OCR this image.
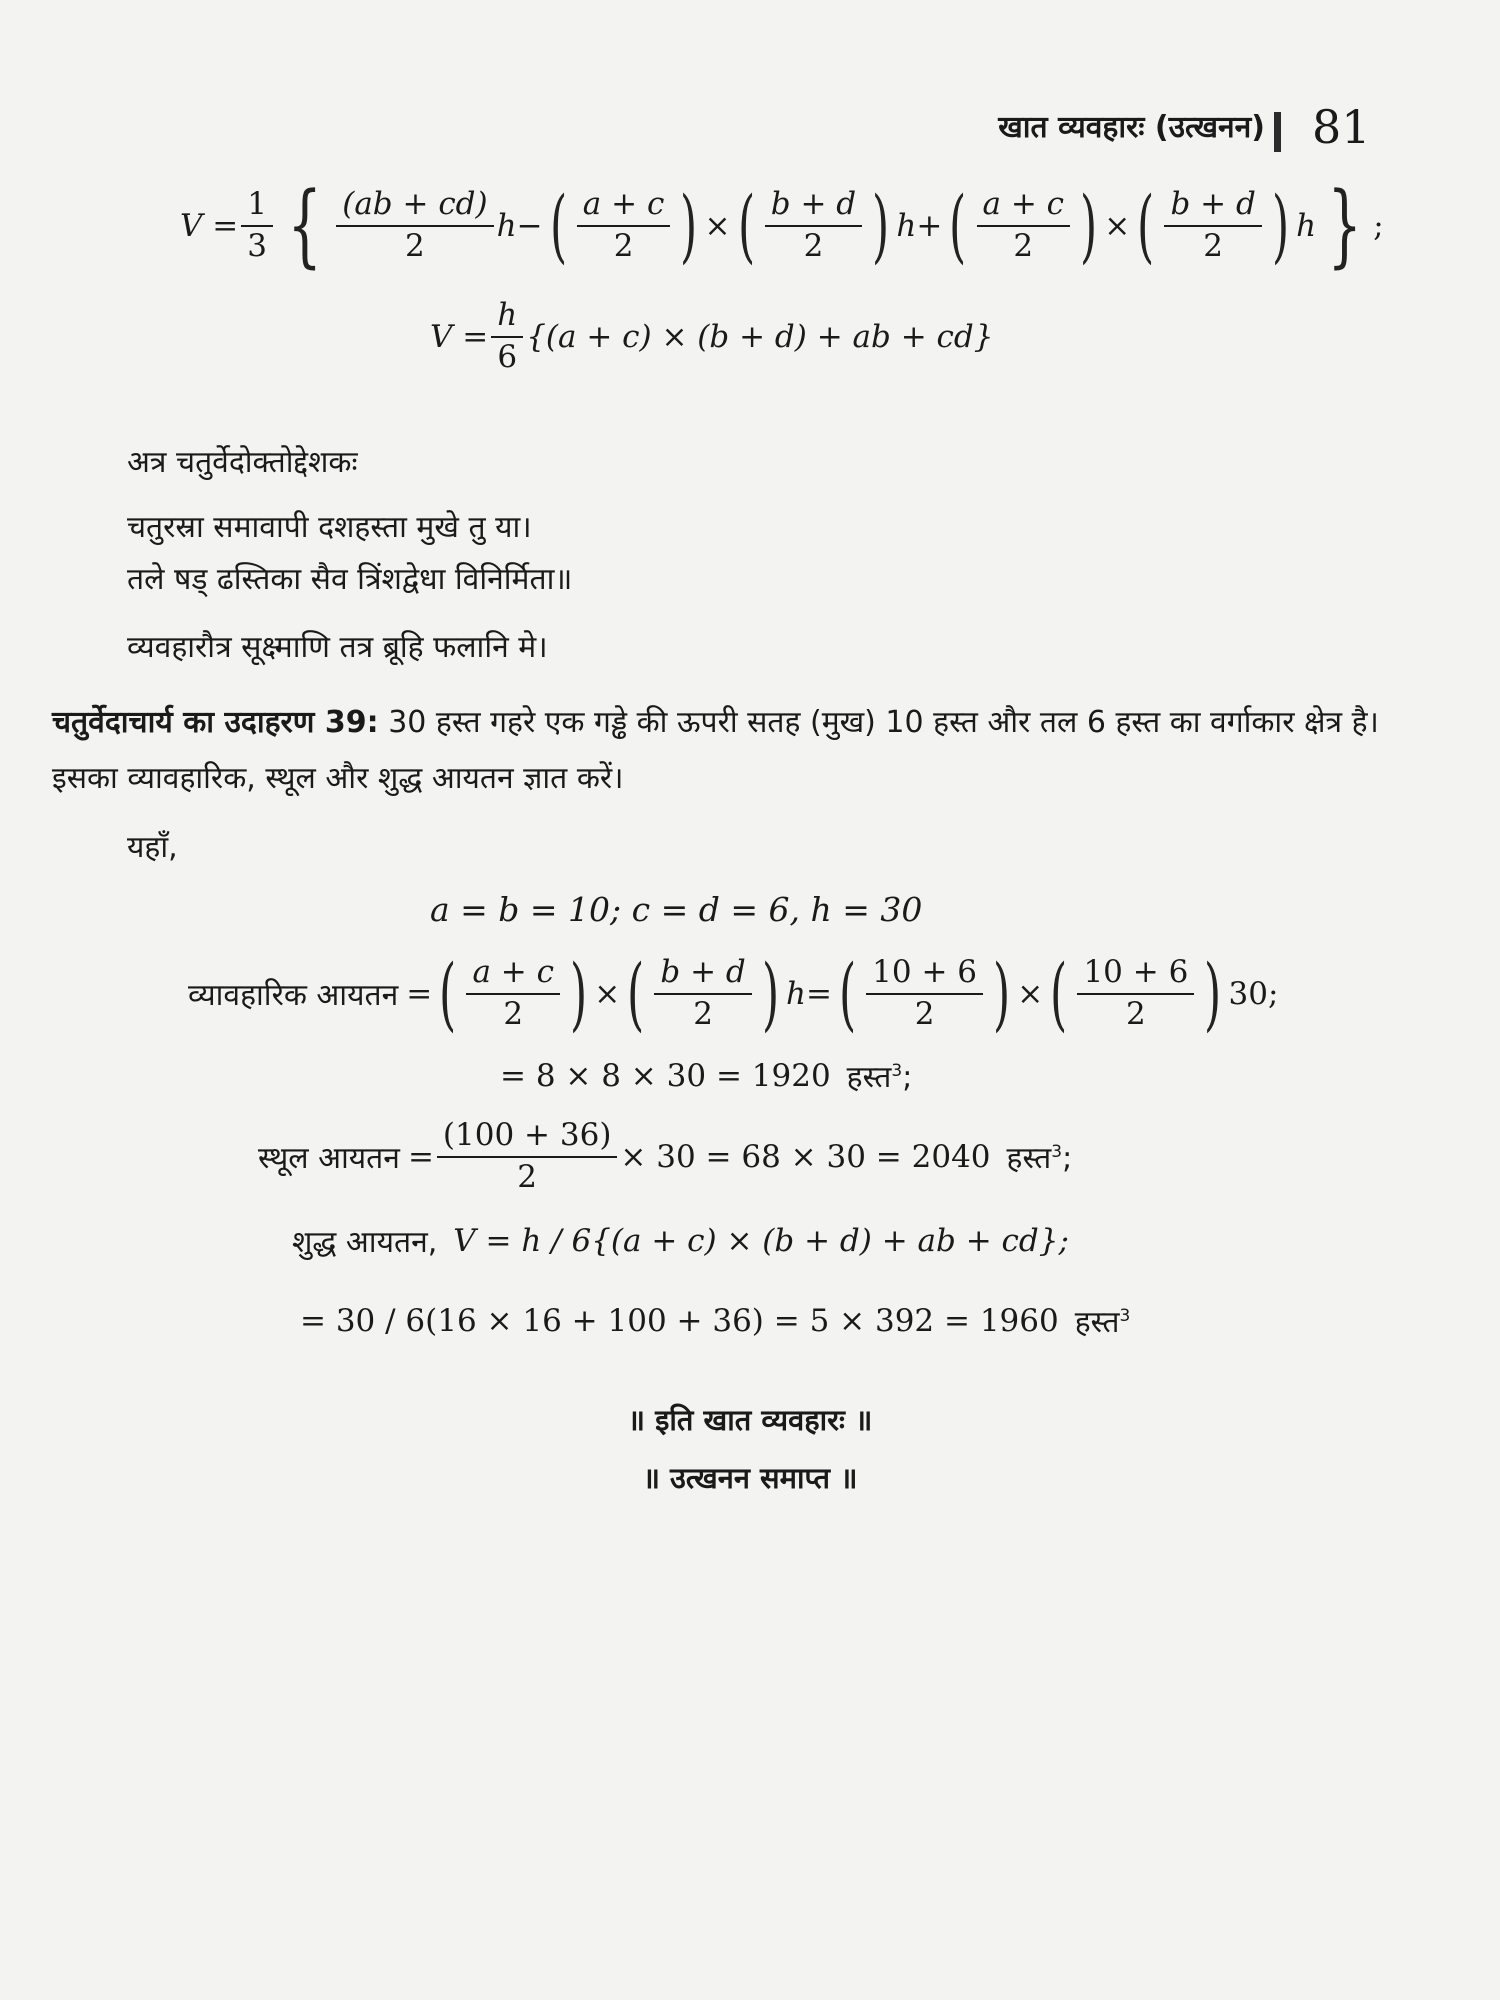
खात व्यवहारः (उत्खनन) 81
$V = \frac{1}{3}$ { $\frac{(ab + cd)}{2}$ h − ( $\frac{a + c}{2}$ ) × ( $\frac{b + d}{2}$ ) h + ( $\frac{a + c}{2}$ ) × ( $\frac{b + d}{2}$ ) h } ;
$V = \frac{h}{6} \{(a + c) \times (b + d)$ + ab + cd}
अत्र चतुर्वेदोक्तोद्देशकः
चतुरस्रा समावापी दशहस्ता मुखे तु या।
तले षड् ढस्तिका सैव त्रिंशद्वेधा विनिर्मिता॥
व्यवहारौत्र सूक्ष्माणि तत्र ब्रूहि फलानि मे।
चतुर्वेदाचार्य का उदाहरण 39: 30 हस्त गहरे एक गड्ढे की ऊपरी सतह (मुख) 10 हस्त और तल 6 हस्त का वर्गाकार क्षेत्र है। इसका व्यावहारिक, स्थूल और शुद्ध आयतन ज्ञात करें।
यहाँ,
a = b = 10; c = d = 6, h = 30
व्यावहारिक आयतन = ( $\frac{a + c}{2}$ ) × ( $\frac{b + d}{2}$ ) h = ( $\frac{10 + 6}{2}$ ) × ( $\frac{10 + 6}{2}$ ) 30;
= 8 × 8 × 30 = 1920 हस्त$^3$;
स्थूल आयतन = $\frac{(100 + 36)}{2} \times 30 = 68 \times 30 = 2040$ हस्त$^3$;
शुद्ध आयतन, V = h / 6{(a + c) × (b + d) + ab + cd};
= 30 / 6(16 × 16 + 100 + 36) = 5 × 392 = 1960 हस्त$^3$
॥ इति खात व्यवहारः ॥
॥ उत्खनन समाप्त ॥
